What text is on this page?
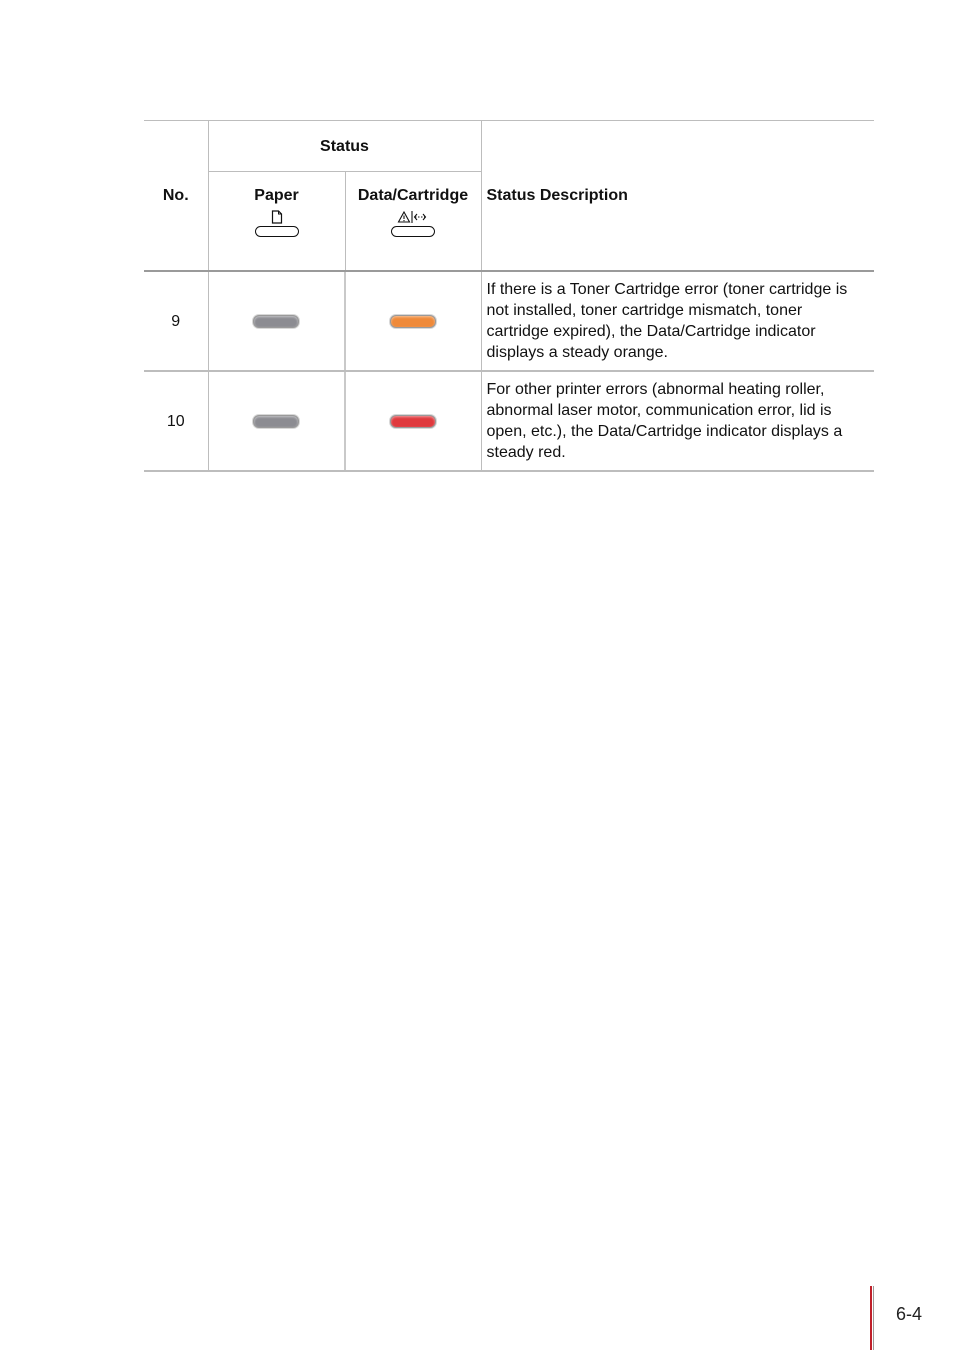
No.	Status		Status Description
	Paper	Data/Cartridge	

9			If there is a Toner Cartridge error (toner cartridge is not installed, toner cartridge mismatch, toner cartridge expired), the Data/Cartridge indicator displays a steady orange.
10			For other printer errors (abnormal heating roller, abnormal laser motor, communication error, lid is open, etc.), the Data/Cartridge indicator displays a steady red.
6-4
